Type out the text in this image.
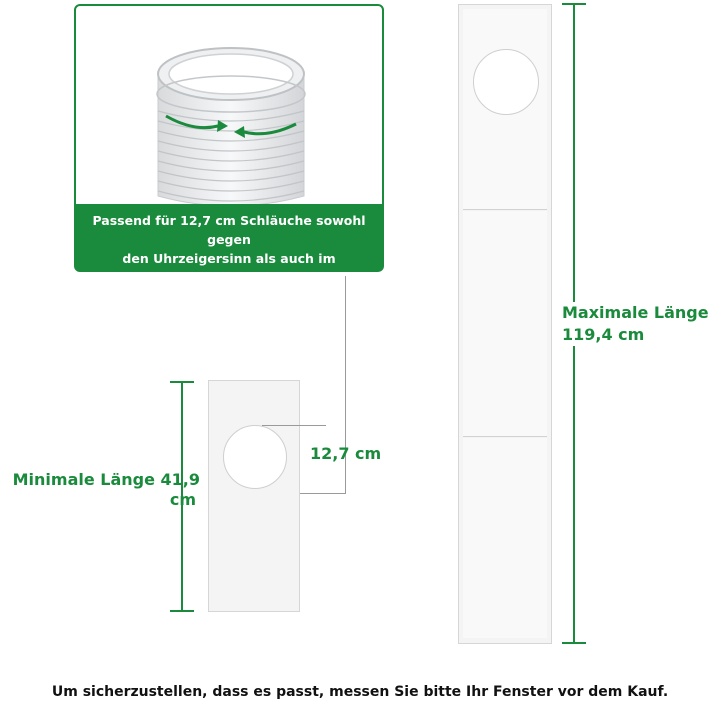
Passend für 12,7 cm Schläuche sowohl gegen
den Uhrzeigersinn als auch im Uhrzeigersinn
12,7 cm
Minimale Länge 41,9
cm
Maximale Länge
119,4 cm
Um sicherzustellen, dass es passt, messen Sie bitte Ihr Fenster vor dem Kauf.
